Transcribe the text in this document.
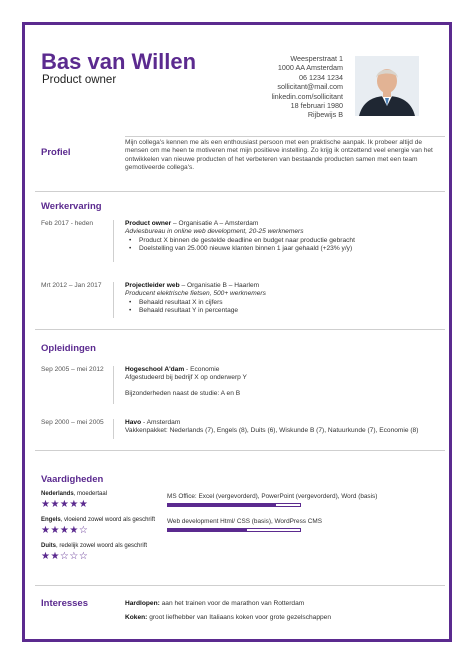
Bas van Willen
Product owner
Weesperstraat 1
1000 AA Amsterdam
06 1234 1234
sollicitant@mail.com
linkedin.com/sollicitant
18 februari 1980
Rijbewijs B
Profiel
Mijn collega's kennen me als een enthousiast persoon met een praktische aanpak. Ik probeer altijd de mensen om me heen te motiveren met mijn positieve instelling. Zo krijg ik ontzettend veel energie van het ontwikkelen van nieuwe producten of het verbeteren van bestaande producten samen met een team gemotiveerde collega's.
Werkervaring
Feb 2017 - heden	Product owner – Organisatie A – Amsterdam
Adviesbureau in online web development, 20-25 werknemers
• Product X binnen de gestelde deadline en budget naar productie gebracht
• Doelstelling van 25.000 nieuwe klanten binnen 1 jaar gehaald (+23% y/y)
Mrt 2012 – Jan 2017	Projectleider web – Organisatie B – Haarlem
Producent elektrische fietsen, 500+ werknemers
• Behaald resultaat X in cijfers
• Behaald resultaat Y in percentage
Opleidingen
Sep 2005 – mei 2012	Hogeschool A'dam - Economie
Afgestudeerd bij bedrijf X op onderwerp Y
Bijzonderheden naast de studie: A en B
Sep 2000 – mei 2005	Havo - Amsterdam
Vakkenpakket: Nederlands (7), Engels (8), Duits (6), Wiskunde B (7), Natuurkunde (7), Economie (8)
Vaardigheden
Nederlands, moedertaal
★★★★★
Engels, vloeiend zowel woord als geschrift
★★★★☆
Duits, redelijk zowel woord als geschrift
★★☆☆☆
MS Office: Excel (vergevorderd), PowerPoint (vergevorderd), Word (basis)
Web development Html/ CSS (basis), WordPress CMS
Interesses	Hardlopen: aan het trainen voor de marathon van Rotterdam
Koken: groot liefhebber van Italiaans koken voor grote gezelschappen
